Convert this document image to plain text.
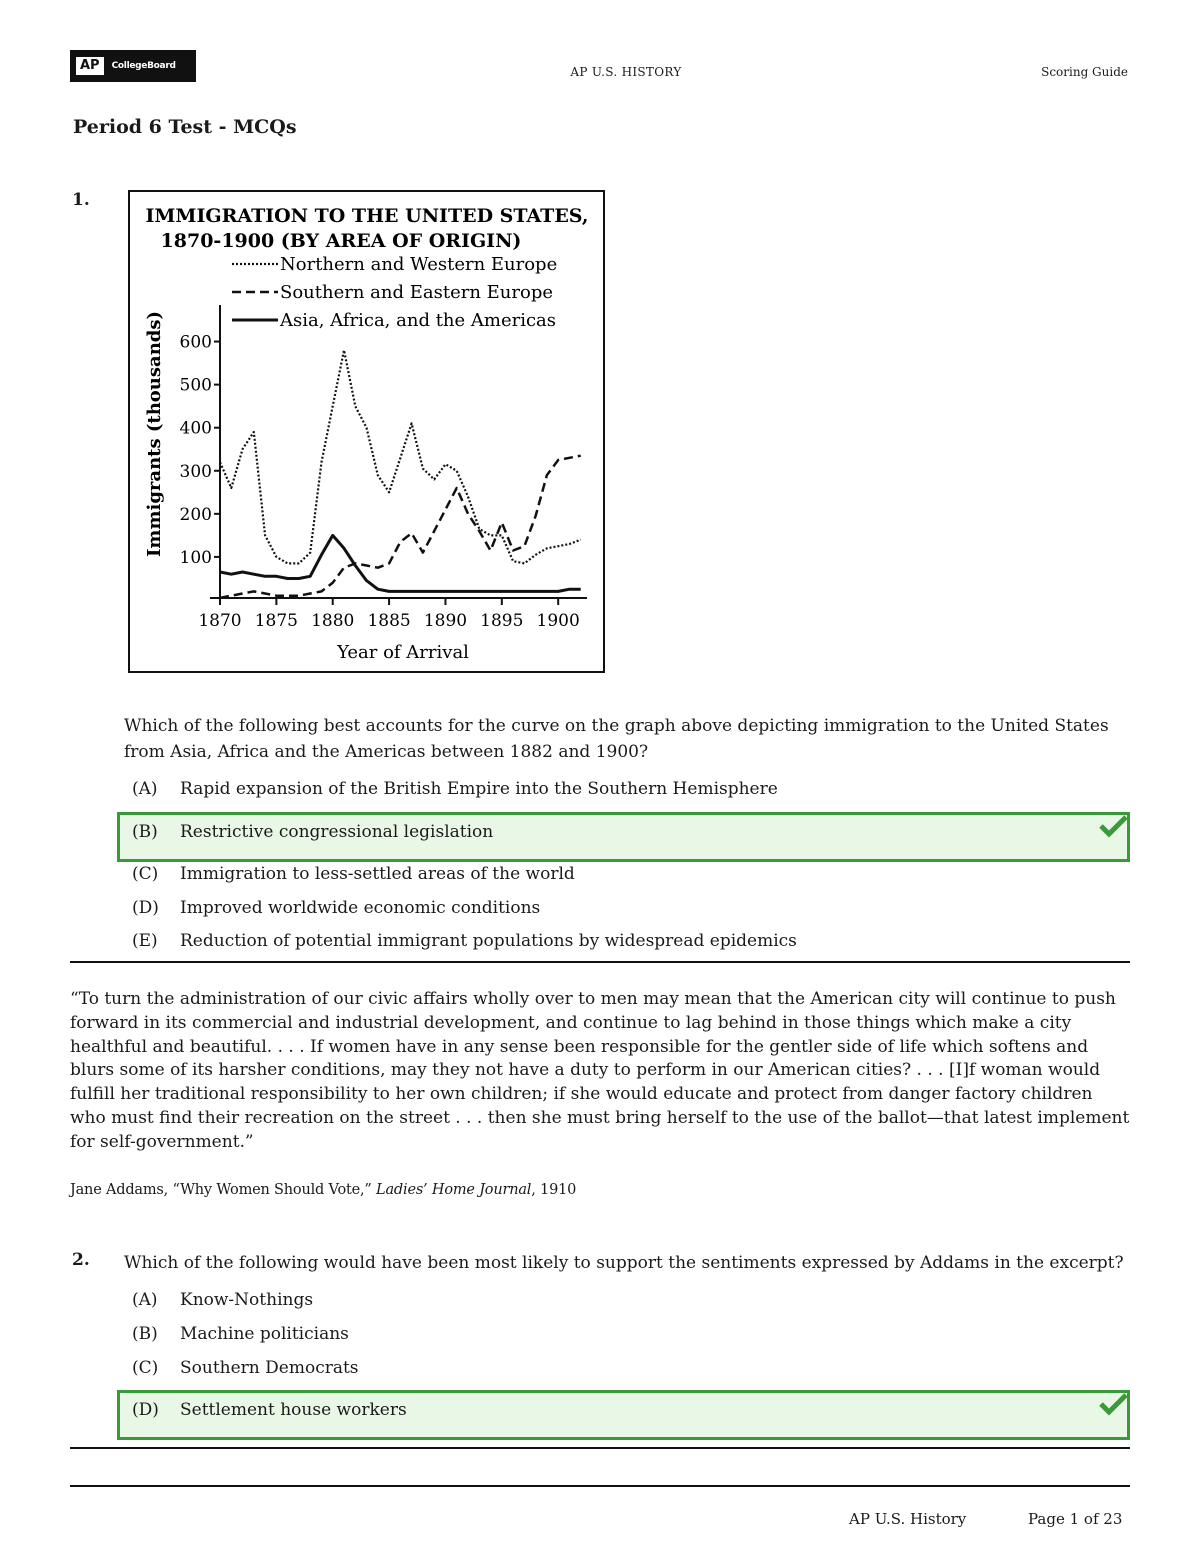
AP	CollegeBoard	AP U.S. HISTORY	Scoring Guide
Period 6 Test - MCQs
1.
IMMIGRATION TO THE UNITED STATES,
1870-1900 (BY AREA OF ORIGIN)
Northern and Western Europe
Southern and Eastern Europe
Asia, Africa, and the Americas
100
200
300
400
500
600
1870 1875 1880 1885 1890 1895 1900
Immigrants (thousands)
Year of Arrival
Which of the following best accounts for the curve on the graph above depicting immigration to the United States
from Asia, Africa and the Americas between 1882 and 1900?
(A) Rapid expansion of the British Empire into the Southern Hemisphere
(B) Restrictive congressional legislation
(C) Immigration to less-settled areas of the world
(D) Improved worldwide economic conditions
(E) Reduction of potential immigrant populations by widespread epidemics
“To turn the administration of our civic affairs wholly over to men may mean that the American city will continue to push forward in its commercial and industrial development, and continue to lag behind in those things which make a city healthful and beautiful. . . . If women have in any sense been responsible for the gentler side of life which softens and blurs some of its harsher conditions, may they not have a duty to perform in our American cities? . . . [I]f woman would fulfill her traditional responsibility to her own children; if she would educate and protect from danger factory children who must find their recreation on the street . . . then she must bring herself to the use of the ballot—that latest implement for self-government.”
Jane Addams, “Why Women Should Vote,” Ladies’ Home Journal, 1910
2. Which of the following would have been most likely to support the sentiments expressed by Addams in the excerpt?
(A) Know-Nothings
(B) Machine politicians
(C) Southern Democrats
(D) Settlement house workers
AP U.S. History	Page 1 of 23
